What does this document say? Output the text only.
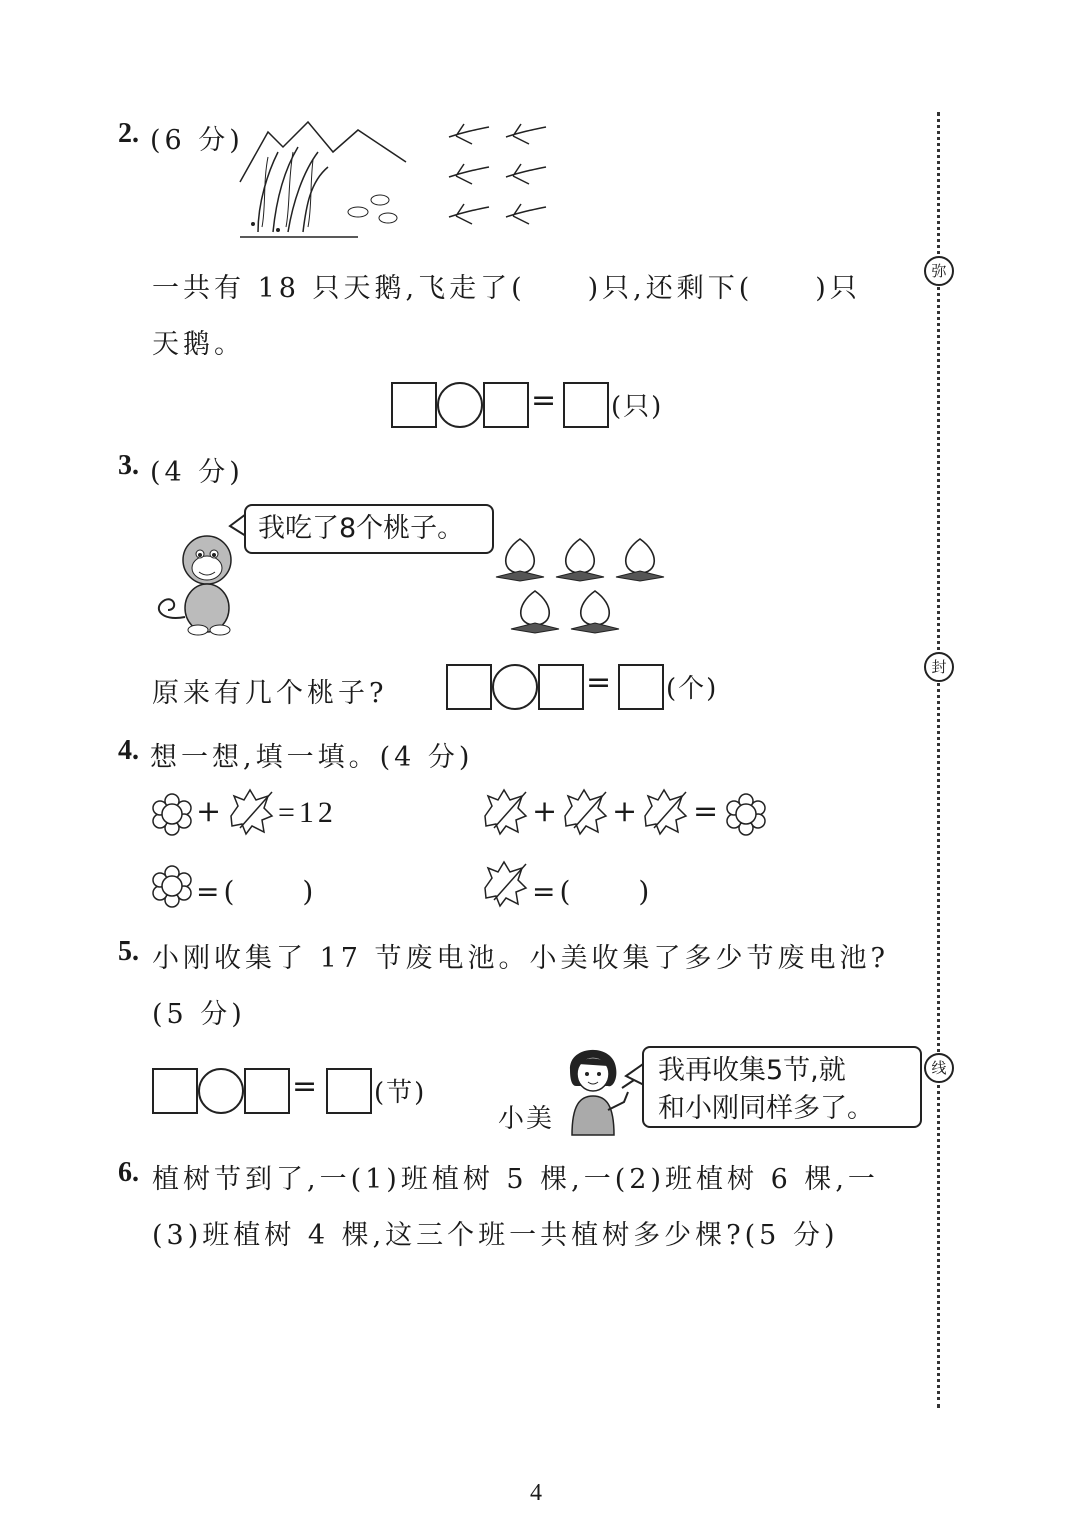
2. (6 分)
一共有 18 只天鹅,飞走了(　　)只,还剩下(　　)只
天鹅。
= (只)
3. (4 分)
我吃了8个桃子。
原来有几个桃子?	= (个)
4. 想一想,填一填。(4 分)
+ =12	+ + =
=(　　)	=(　　)
5. 小刚收集了 17 节废电池。小美收集了多少节废电池?
(5 分)
= (节)
小美
我再收集5节,就
和小刚同样多了。
6. 植树节到了,一(1)班植树 5 棵,一(2)班植树 6 棵,一
(3)班植树 4 棵,这三个班一共植树多少棵?(5 分)
弥
封
线
4
